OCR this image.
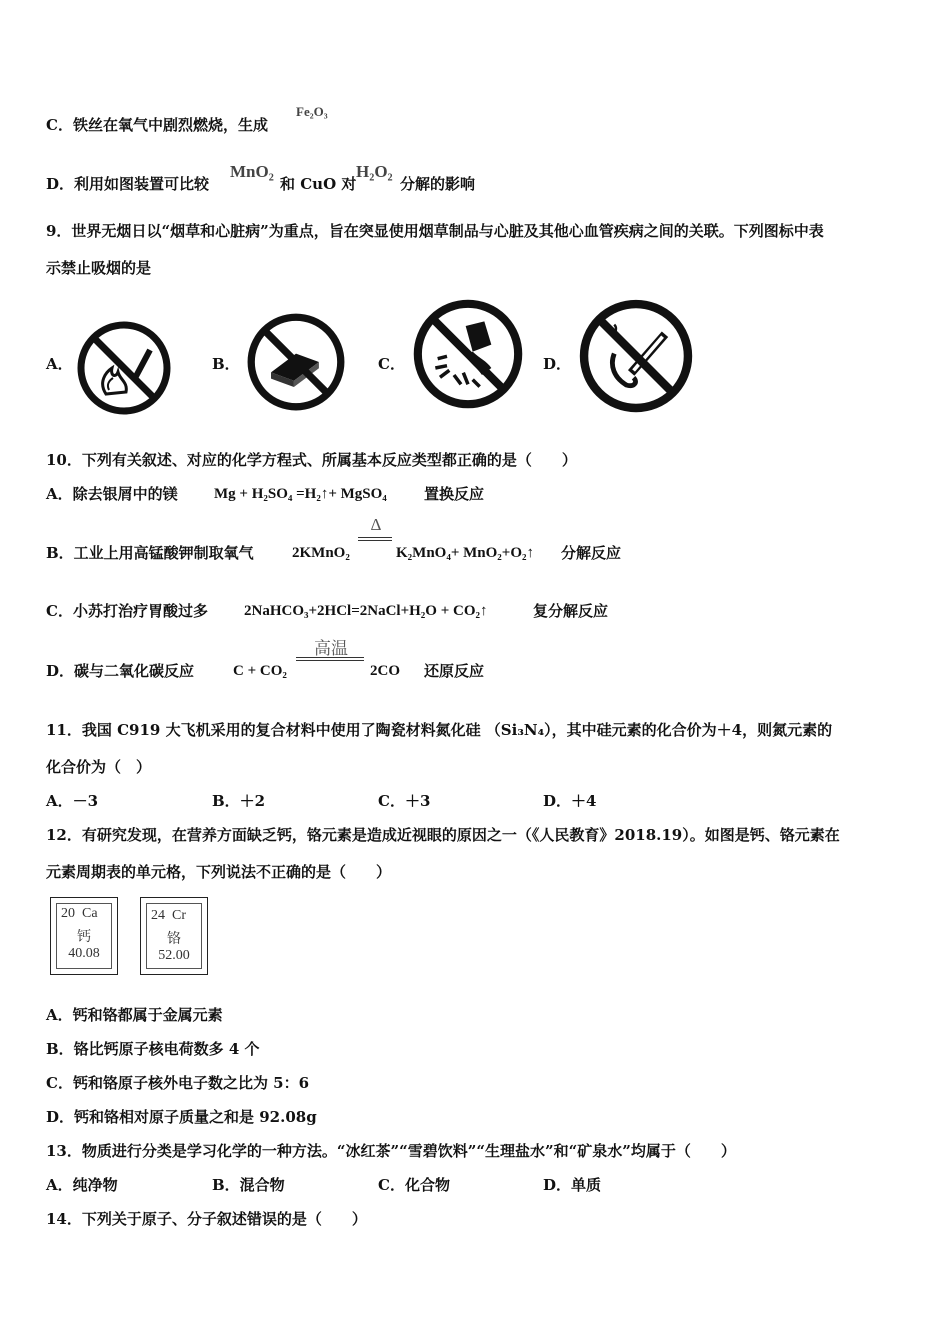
C．铁丝在氧气中剧烈燃烧，生成
Fe₂O₃
D．利用如图装置可比较
MnO₂
和 CuO 对
H₂O₂
分解的影响
9．世界无烟日以“烟草和心脏病”为重点，旨在突显使用烟草制品与心脏及其他心血管疾病之间的关联。下列图标中表
示禁止吸烟的是
A．	B．	C．	D．
10．下列有关叙述、对应的化学方程式、所属基本反应类型都正确的是（　　）
A．除去银屑中的镁 Mg + H₂SO₄ =H₂↑+ MgSO₄ 置换反应
B．工业上用高锰酸钾制取氧气	2KMnO₂
Δ
K₂MnO₄+ MnO₂+O₂↑ 分解反应
C．小苏打治疗胃酸过多 2NaHCO₃+2HCl=2NaCl+H₂O + CO₂↑	复分解反应
D．碳与二氧化碳反应	C + CO₂
高温
2CO 还原反应
11．我国 C919 大飞机采用的复合材料中使用了陶瓷材料氮化硅 （Si₃N₄），其中硅元素的化合价为＋4，则氮元素的
化合价为（　）
A．－3	B．＋2	C．＋3	D．＋4
12．有研究发现，在营养方面缺乏钙，铬元素是造成近视眼的原因之一（《人民教育》2018.19）。如图是钙、铬元素在
元素周期表的单元格，下列说法不正确的是（　　）
20 Ca
钙
40.08
24 Cr
铬
52.00
A．钙和铬都属于金属元素
B．铬比钙原子核电荷数多 4 个
C．钙和铬原子核外电子数之比为 5：6
D．钙和铬相对原子质量之和是 92.08g
13．物质进行分类是学习化学的一种方法。“冰红茶”“雪碧饮料”“生理盐水”和“矿泉水”均属于（　　）
A．纯净物	B．混合物	C．化合物	D．单质
14．下列关于原子、分子叙述错误的是（　　）
